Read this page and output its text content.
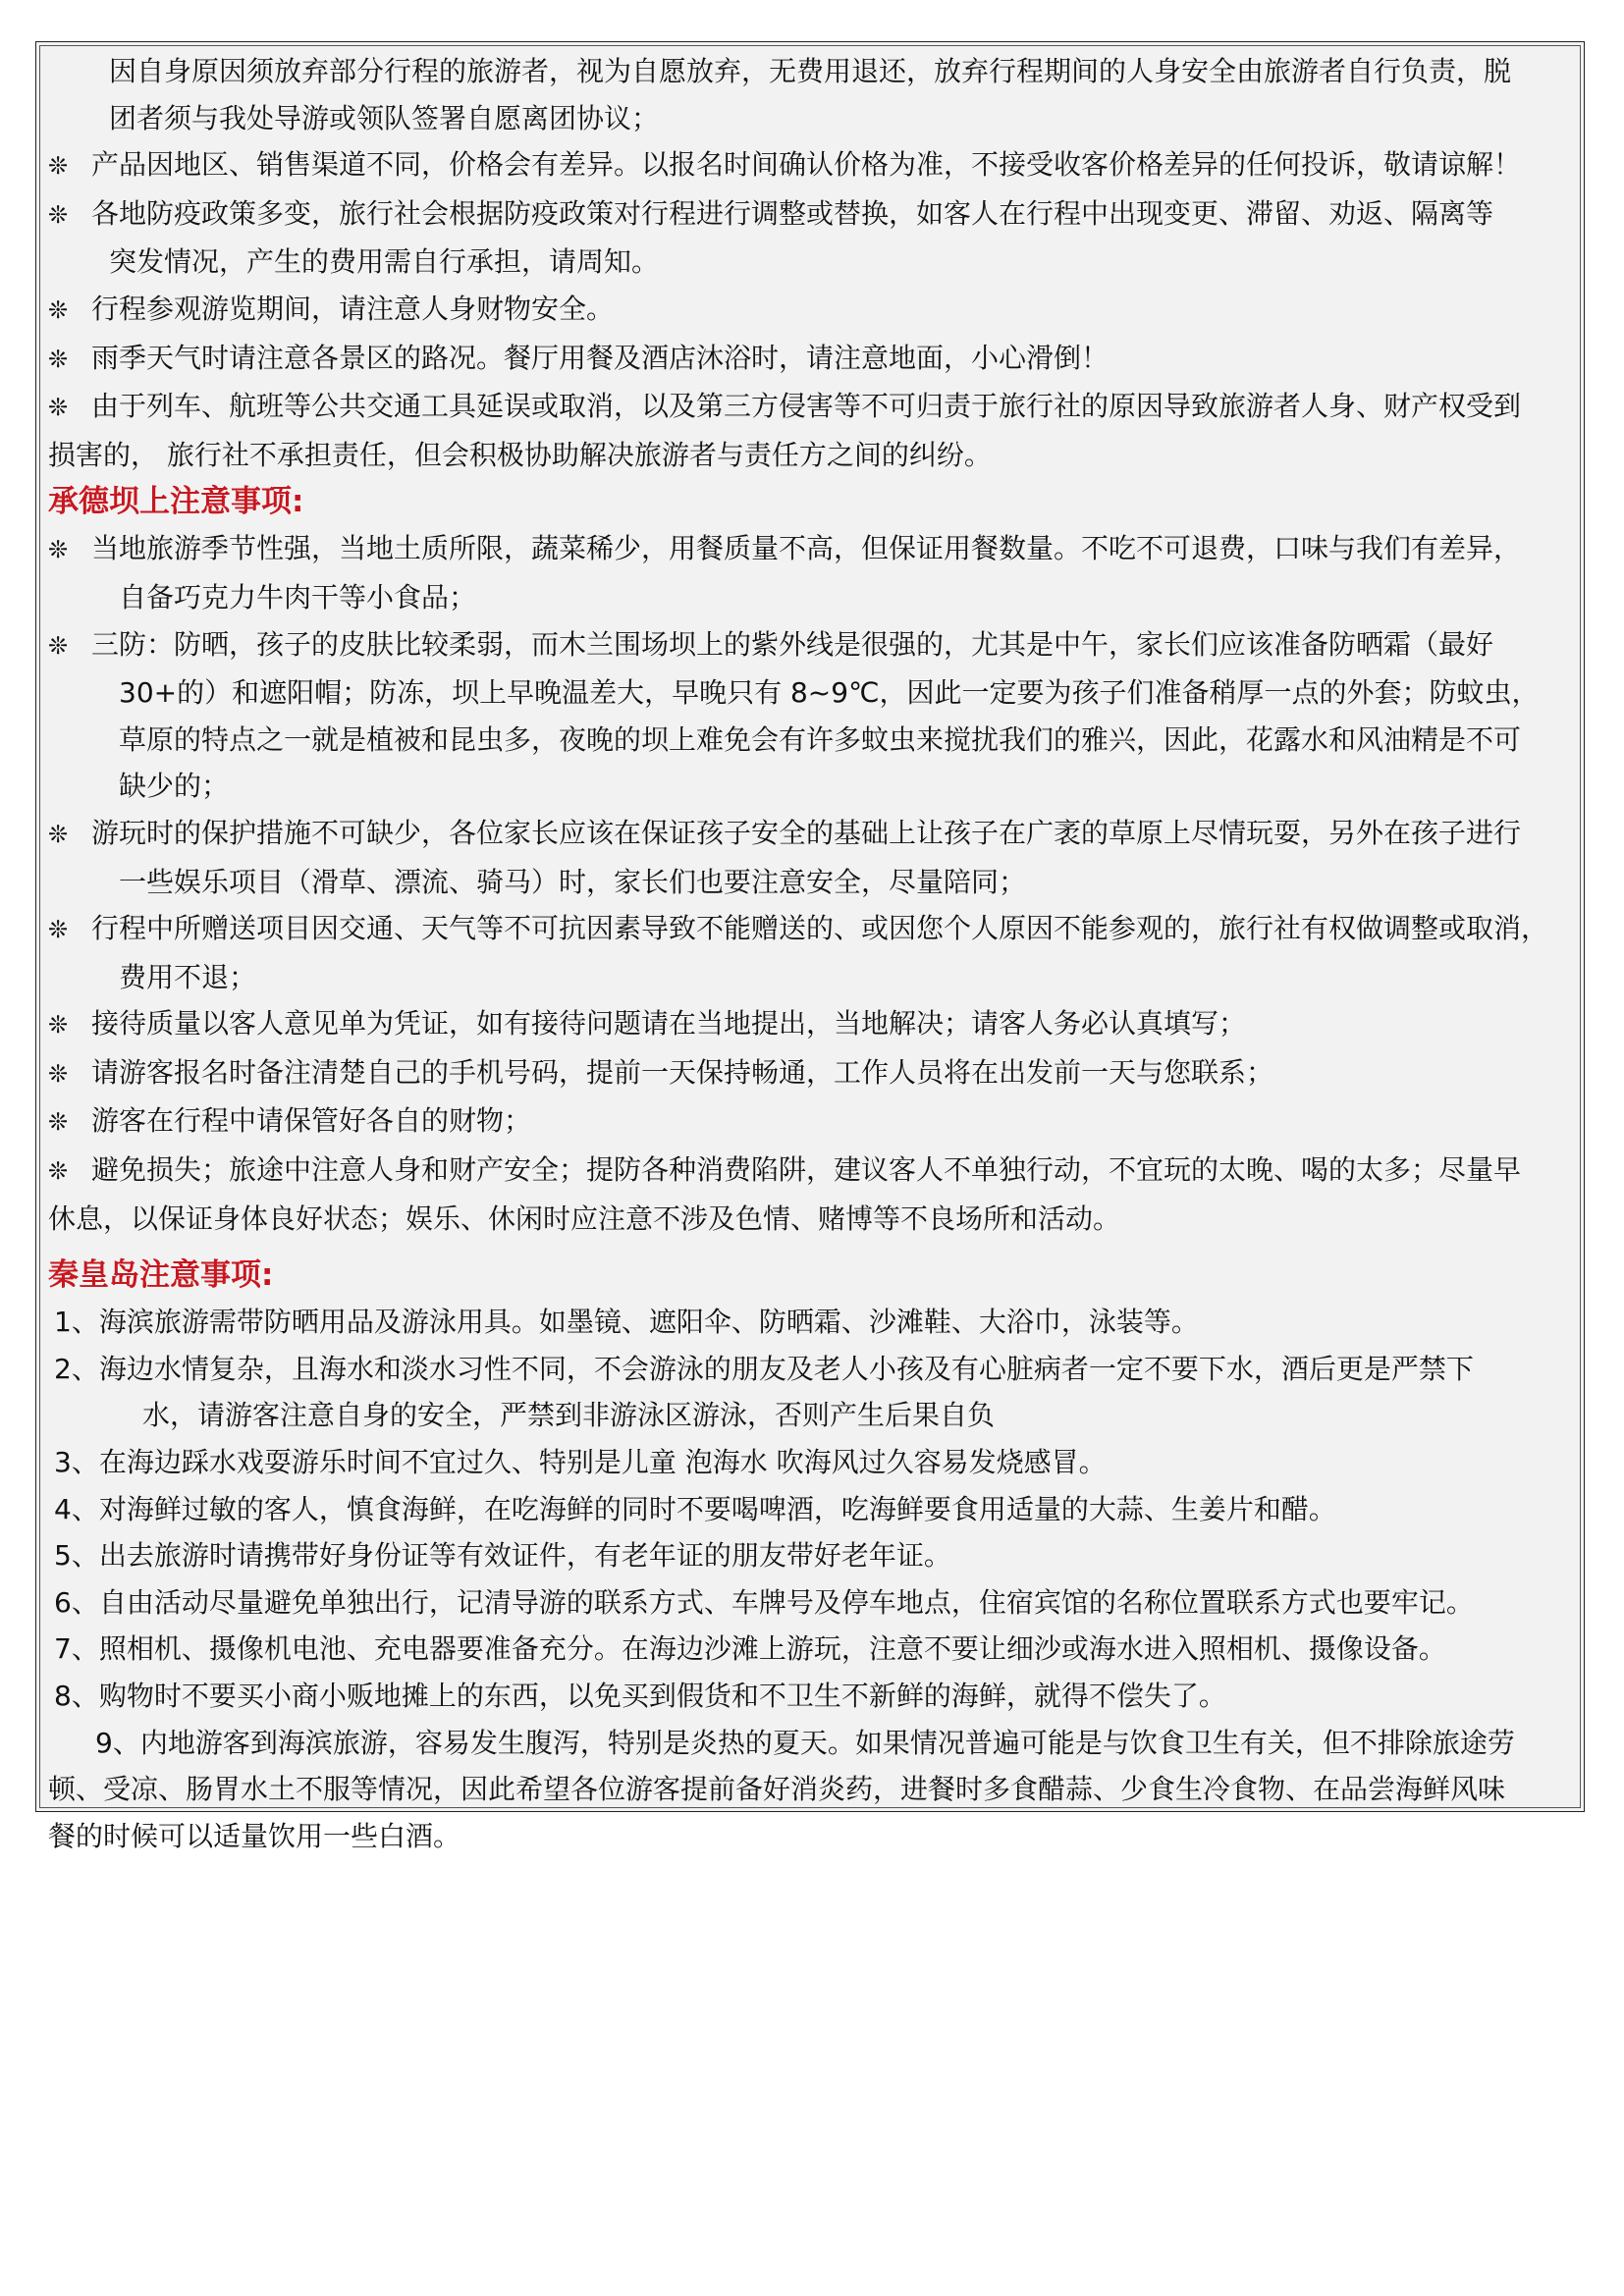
因自身原因须放弃部分行程的旅游者，视为自愿放弃，无费用退还，放弃行程期间的人身安全由旅游者自行负责，脱
团者须与我处导游或领队签署自愿离团协议；
❊ 产品因地区、销售渠道不同，价格会有差异。以报名时间确认价格为准，不接受收客价格差异的任何投诉，敬请谅解！
❊ 各地防疫政策多变，旅行社会根据防疫政策对行程进行调整或替换，如客人在行程中出现变更、滞留、劝返、隔离等
突发情况，产生的费用需自行承担，请周知。
❊ 行程参观游览期间，请注意人身财物安全。
❊ 雨季天气时请注意各景区的路况。餐厅用餐及酒店沐浴时，请注意地面，小心滑倒！
❊ 由于列车、航班等公共交通工具延误或取消，以及第三方侵害等不可归责于旅行社的原因导致旅游者人身、财产权受到
损害的， 旅行社不承担责任，但会积极协助解决旅游者与责任方之间的纠纷。
承德坝上注意事项:
❊ 当地旅游季节性强，当地土质所限，蔬菜稀少，用餐质量不高，但保证用餐数量。不吃不可退费，口味与我们有差异，
自备巧克力牛肉干等小食品；
❊ 三防：防晒，孩子的皮肤比较柔弱，而木兰围场坝上的紫外线是很强的，尤其是中午，家长们应该准备防晒霜（最好
30+的）和遮阳帽；防冻，坝上早晚温差大，早晚只有 8~9℃，因此一定要为孩子们准备稍厚一点的外套；防蚊虫，
草原的特点之一就是植被和昆虫多，夜晚的坝上难免会有许多蚊虫来搅扰我们的雅兴，因此，花露水和风油精是不可
缺少的；
❊ 游玩时的保护措施不可缺少，各位家长应该在保证孩子安全的基础上让孩子在广袤的草原上尽情玩耍，另外在孩子进行
一些娱乐项目（滑草、漂流、骑马）时，家长们也要注意安全，尽量陪同；
❊ 行程中所赠送项目因交通、天气等不可抗因素导致不能赠送的、或因您个人原因不能参观的，旅行社有权做调整或取消，
费用不退；
❊ 接待质量以客人意见单为凭证，如有接待问题请在当地提出，当地解决；请客人务必认真填写；
❊ 请游客报名时备注清楚自己的手机号码，提前一天保持畅通，工作人员将在出发前一天与您联系；
❊ 游客在行程中请保管好各自的财物；
❊ 避免损失；旅途中注意人身和财产安全；提防各种消费陷阱，建议客人不单独行动，不宜玩的太晚、喝的太多；尽量早
休息，以保证身体良好状态；娱乐、休闲时应注意不涉及色情、赌博等不良场所和活动。
秦皇岛注意事项:
1、海滨旅游需带防晒用品及游泳用具。如墨镜、遮阳伞、防晒霜、沙滩鞋、大浴巾，泳装等。
2、海边水情复杂，且海水和淡水习性不同，不会游泳的朋友及老人小孩及有心脏病者一定不要下水，酒后更是严禁下
水，请游客注意自身的安全，严禁到非游泳区游泳，否则产生后果自负
3、在海边踩水戏耍游乐时间不宜过久、特别是儿童 泡海水 吹海风过久容易发烧感冒。
4、对海鲜过敏的客人，慎食海鲜，在吃海鲜的同时不要喝啤酒，吃海鲜要食用适量的大蒜、生姜片和醋。
5、出去旅游时请携带好身份证等有效证件，有老年证的朋友带好老年证。
6、自由活动尽量避免单独出行，记清导游的联系方式、车牌号及停车地点，住宿宾馆的名称位置联系方式也要牢记。
7、照相机、摄像机电池、充电器要准备充分。在海边沙滩上游玩，注意不要让细沙或海水进入照相机、摄像设备。
8、购物时不要买小商小贩地摊上的东西，以免买到假货和不卫生不新鲜的海鲜，就得不偿失了。
9、内地游客到海滨旅游，容易发生腹泻，特别是炎热的夏天。如果情况普遍可能是与饮食卫生有关，但不排除旅途劳
顿、受凉、肠胃水土不服等情况，因此希望各位游客提前备好消炎药，进餐时多食醋蒜、少食生冷食物、在品尝海鲜风味
餐的时候可以适量饮用一些白酒。
